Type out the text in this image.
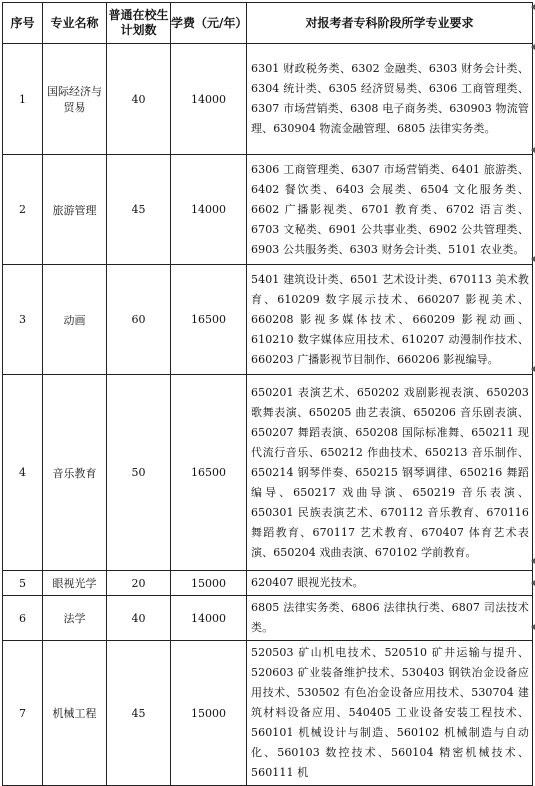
序号	专业名称	普通在校生计划数	学费（元/年）	对报考者专科阶段所学专业要求
1	国际经济与贸易	40	14000	6301 财政税务类、6302 金融类、6303 财务会计类、6304 统计类、6305 经济贸易类、6306 工商管理类、6307 市场营销类、6308 电子商务类、630903 物流管理、630904 物流金融管理、6805 法律实务类。
2	旅游管理	45	14000	6306 工商管理类、6307 市场营销类、6401 旅游类、6402 餐饮类、6403 会展类、6504 文化服务类、6602 广播影视类、6701 教育类、6702 语言类、6703 文秘类、6901 公共事业类、6902 公共管理类、6903 公共服务类、6303 财务会计类、5101 农业类。
3	动画	60	16500	5401 建筑设计类、6501 艺术设计类、670113 美术教育、610209 数字展示技术、660207 影视美术、660208 影视多媒体技术、660209 影视动画、610210 数字媒体应用技术、610207 动漫制作技术、660203 广播影视节目制作、660206 影视编导。
4	音乐教育	50	16500	650201 表演艺术、650202 戏剧影视表演、650203 歌舞表演、650205 曲艺表演、650206 音乐剧表演、650207 舞蹈表演、650208 国际标准舞、650211 现代流行音乐、650212 作曲技术、650213 音乐制作、650214 钢琴伴奏、650215 钢琴调律、650216 舞蹈编导、650217 戏曲导演、650219 音乐表演、650301 民族表演艺术、670112 音乐教育、670116 舞蹈教育、670117 艺术教育、670407 体育艺术表演、650204 戏曲表演、670102 学前教育。
5	眼视光学	20	15000	620407 眼视光技术。
6	法学	40	14000	6805 法律实务类、6806 法律执行类、6807 司法技术类。
7	机械工程	45	15000	520503 矿山机电技术、520510 矿井运输与提升、520603 矿业装备维护技术、530403 钢铁冶金设备应用技术、530502 有色冶金设备应用技术、530704 建筑材料设备应用、540405 工业设备安装工程技术、560101 机械设计与制造、560102 机械制造与自动化、560103 数控技术、560104 精密机械技术、560111 机
